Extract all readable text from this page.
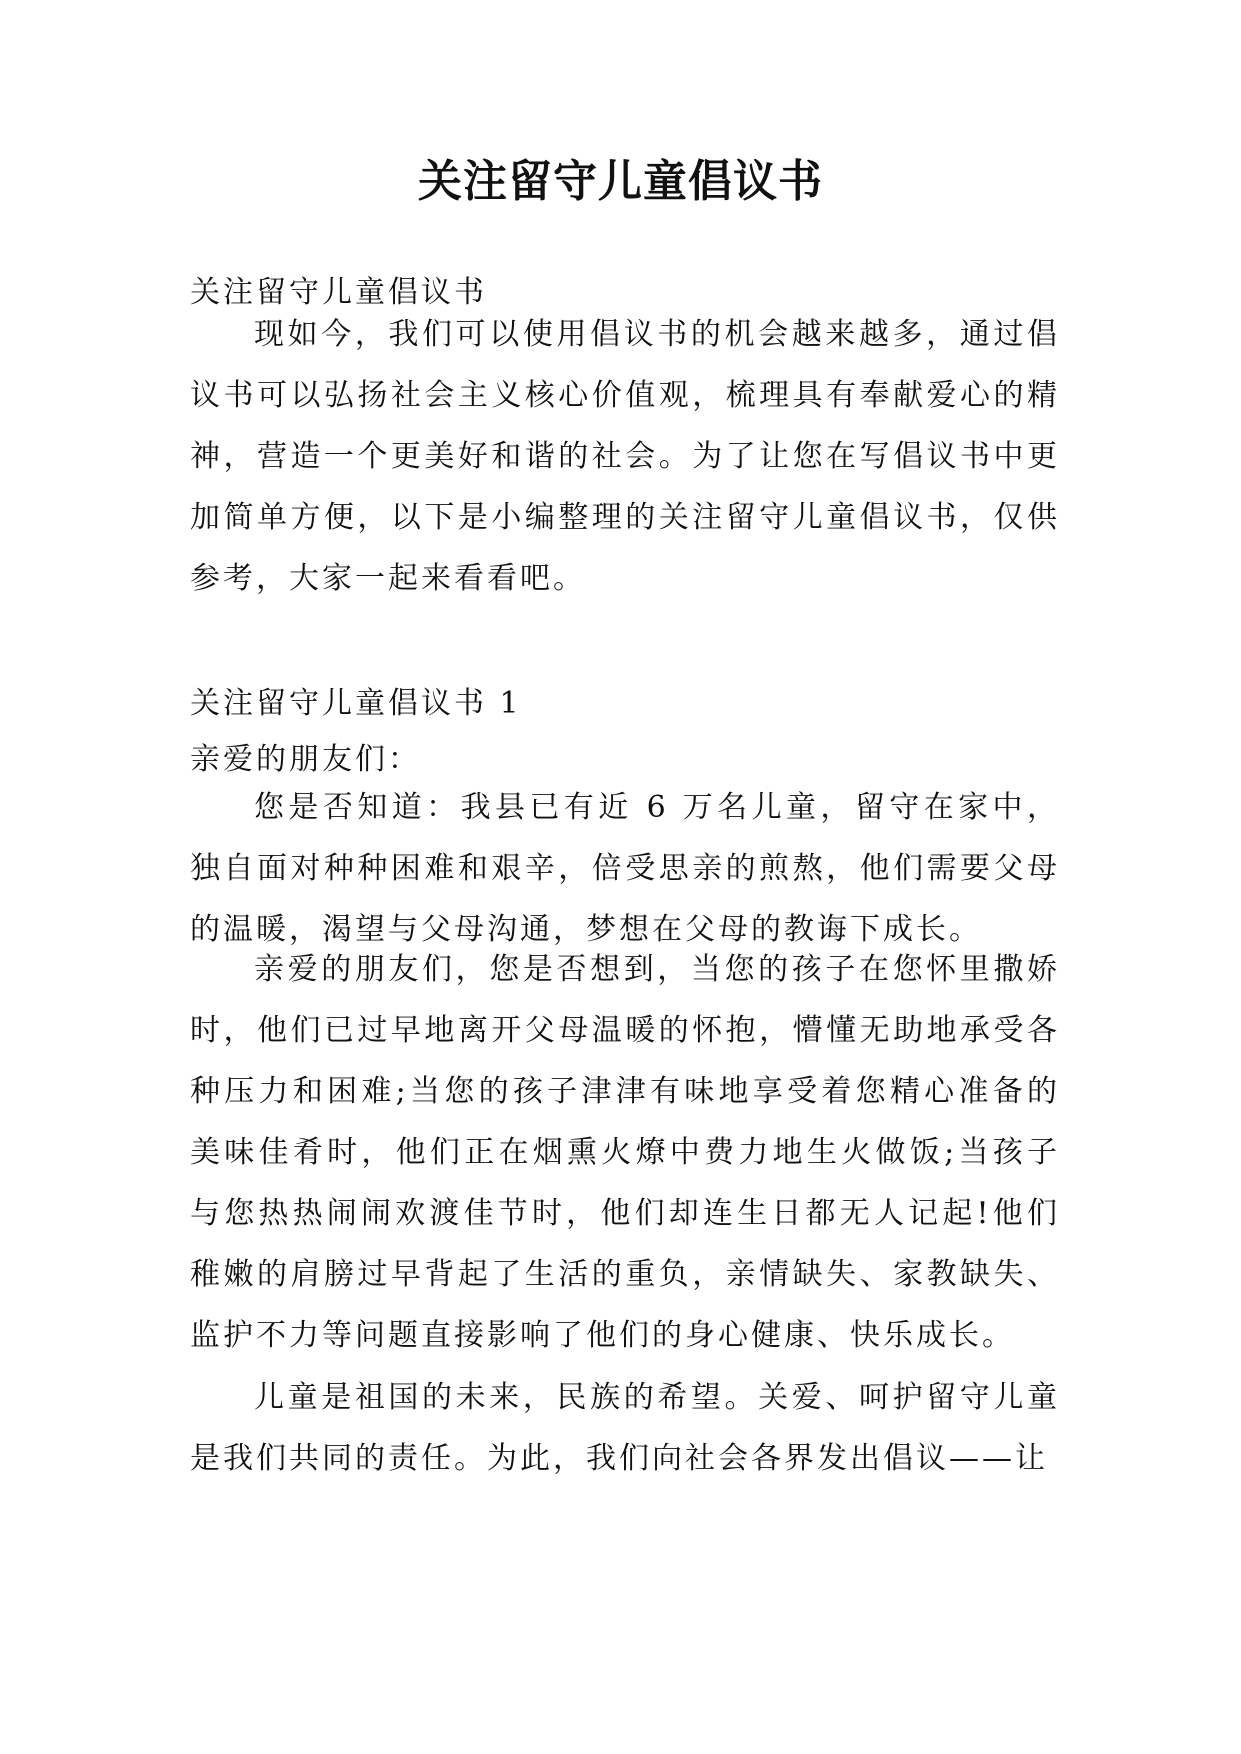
关注留守儿童倡议书
关注留守儿童倡议书

现如今，我们可以使用倡议书的机会越来越多，通过倡议书可以弘扬社会主义核心价值观，梳理具有奉献爱心的精神，营造一个更美好和谐的社会。为了让您在写倡议书中更加简单方便，以下是小编整理的关注留守儿童倡议书，仅供参考，大家一起来看看吧。

关注留守儿童倡议书 1
亲爱的朋友们：

您是否知道：我县已有近 6 万名儿童，留守在家中，独自面对种种困难和艰辛，倍受思亲的煎熬，他们需要父母的温暖，渴望与父母沟通，梦想在父母的教诲下成长。

亲爱的朋友们，您是否想到，当您的孩子在您怀里撒娇时，他们已过早地离开父母温暖的怀抱，懵懂无助地承受各种压力和困难;当您的孩子津津有味地享受着您精心准备的美味佳肴时，他们正在烟熏火燎中费力地生火做饭;当孩子与您热热闹闹欢渡佳节时，他们却连生日都无人记起!他们稚嫩的肩膀过早背起了生活的重负，亲情缺失、家教缺失、监护不力等问题直接影响了他们的身心健康、快乐成长。

儿童是祖国的未来，民族的希望。关爱、呵护留守儿童是我们共同的责任。为此，我们向社会各界发出倡议——让
